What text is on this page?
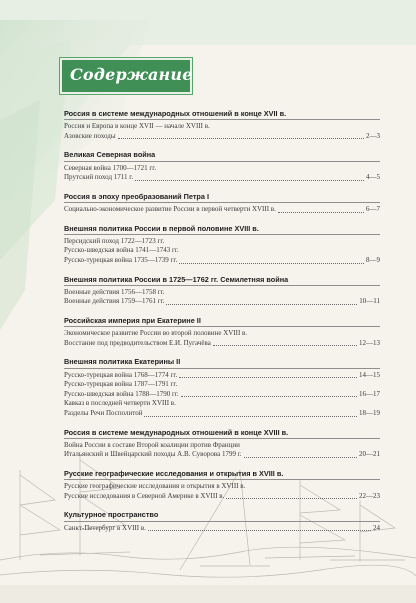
Содержание
Россия в системе международных отношений в конце XVII в.
Россия и Европа в конце XVII — начале XVIII в.
Азовские походы	2—3
Великая Северная война
Северная война 1700—1721 гг.
Прутский поход 1711 г.	4—5
Россия в эпоху преобразований Петра I
Социально-экономическое развитие России в первой четверти XVIII в.	6—7
Внешняя политика России в первой половине XVIII в.
Персидский поход 1722—1723 гг.
Русско-шведская война 1741—1743 гг.
Русско-турецкая война 1735—1739 гг.	8—9
Внешняя политика России в 1725—1762 гг. Семилетняя война
Военные действия 1756—1758 гг.
Военные действия 1759—1761 гг.	10—11
Российская империя при Екатерине II
Экономическое развитие России во второй половине XVIII в.
Восстание под предводительством Е.И. Пугачёва	12—13
Внешняя политика Екатерины II
Русско-турецкая война 1768—1774 гг.	14—15
Русско-турецкая война 1787—1791 гг.
Русско-шведская война 1788—1790 гг.	16—17
Кавказ в последней четверти XVIII в.
Разделы Речи Посполитой	18—19
Россия в системе международных отношений в конце XVIII в.
Война России в составе Второй коалиции против Франции
Итальянский и Швейцарский походы А.В. Суворова 1799 г.	20—21
Русские географические исследования и открытия в XVIII в.
Русские географические исследования и открытия в XVIII в.
Русские исследования в Северной Америке в XVIII в.	22—23
Культурное пространство
Санкт-Петербург в XVIII в.	24
